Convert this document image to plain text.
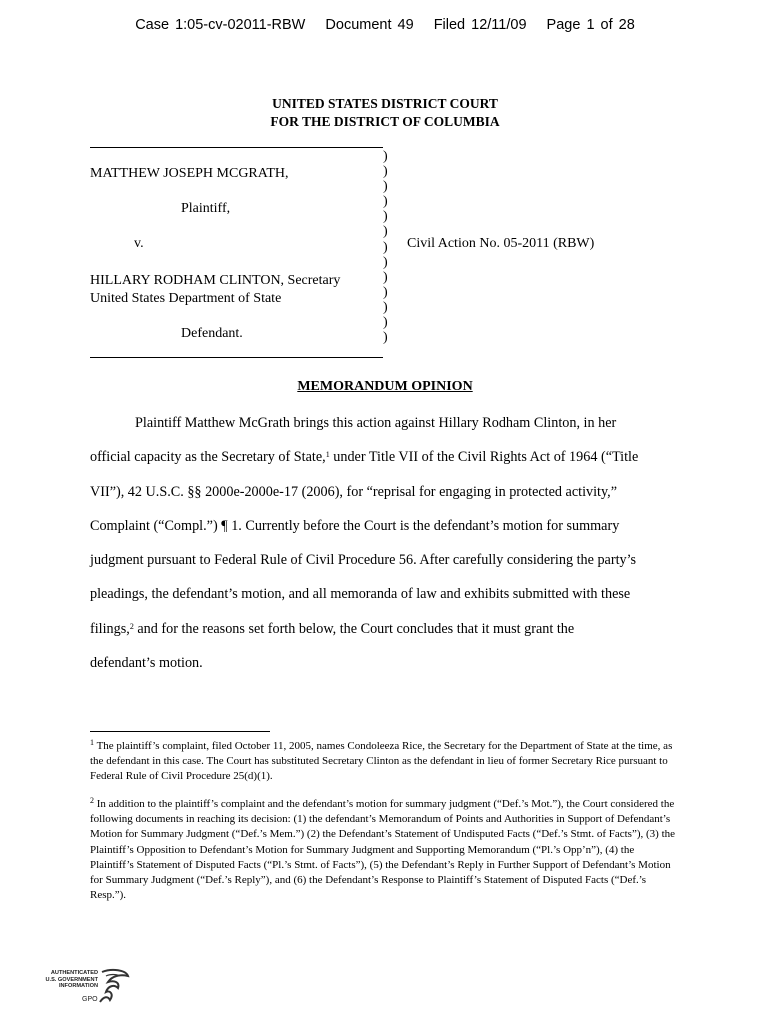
Case 1:05-cv-02011-RBW Document 49 Filed 12/11/09 Page 1 of 28
UNITED STATES DISTRICT COURT
FOR THE DISTRICT OF COLUMBIA
MATTHEW JOSEPH MCGRATH,
Plaintiff,
v.
HILLARY RODHAM CLINTON, Secretary
United States Department of State
Defendant.
Civil Action No. 05-2011 (RBW)
)
)
)
)
)
)
)
)
)
)
)
)
)
MEMORANDUM OPINION
Plaintiff Matthew McGrath brings this action against Hillary Rodham Clinton, in her
official capacity as the Secretary of State,$^1$ under Title VII of the Civil Rights Act of 1964 (“Title
VII”), 42 U.S.C. §§ 2000e-2000e-17 (2006), for “reprisal for engaging in protected activity,”
Complaint (“Compl.”) ¶ 1. Currently before the Court is the defendant’s motion for summary
judgment pursuant to Federal Rule of Civil Procedure 56. After carefully considering the party’s
pleadings, the defendant’s motion, and all memoranda of law and exhibits submitted with these
filings,$^2$ and for the reasons set forth below, the Court concludes that it must grant the
defendant’s motion.
$^1$ The plaintiff’s complaint, filed October 11, 2005, names Condoleeza Rice, the Secretary for the Department of State at the time, as the defendant in this case. The Court has substituted Secretary Clinton as the defendant in lieu of former Secretary Rice pursuant to Federal Rule of Civil Procedure 25(d)(1).
$^2$ In addition to the plaintiff’s complaint and the defendant’s motion for summary judgment (“Def.’s Mot.”), the Court considered the following documents in reaching its decision: (1) the defendant’s Memorandum of Points and Authorities in Support of Defendant’s Motion for Summary Judgment (“Def.’s Mem.”) (2) the Defendant’s Statement of Undisputed Facts (“Def.’s Stmt. of Facts”), (3) the Plaintiff’s Opposition to Defendant’s Motion for Summary Judgment and Supporting Memorandum (“Pl.’s Opp’n”), (4) the Plaintiff’s Statement of Disputed Facts (“Pl.’s Stmt. of Facts”), (5) the Defendant’s Reply in Further Support of Defendant’s Motion for Summary Judgment (“Def.’s Reply”), and (6) the Defendant’s Response to Plaintiff’s Statement of Disputed Facts (“Def.’s Resp.”).
AUTHENTICATED
U.S. GOVERNMENT
INFORMATION
GPO
